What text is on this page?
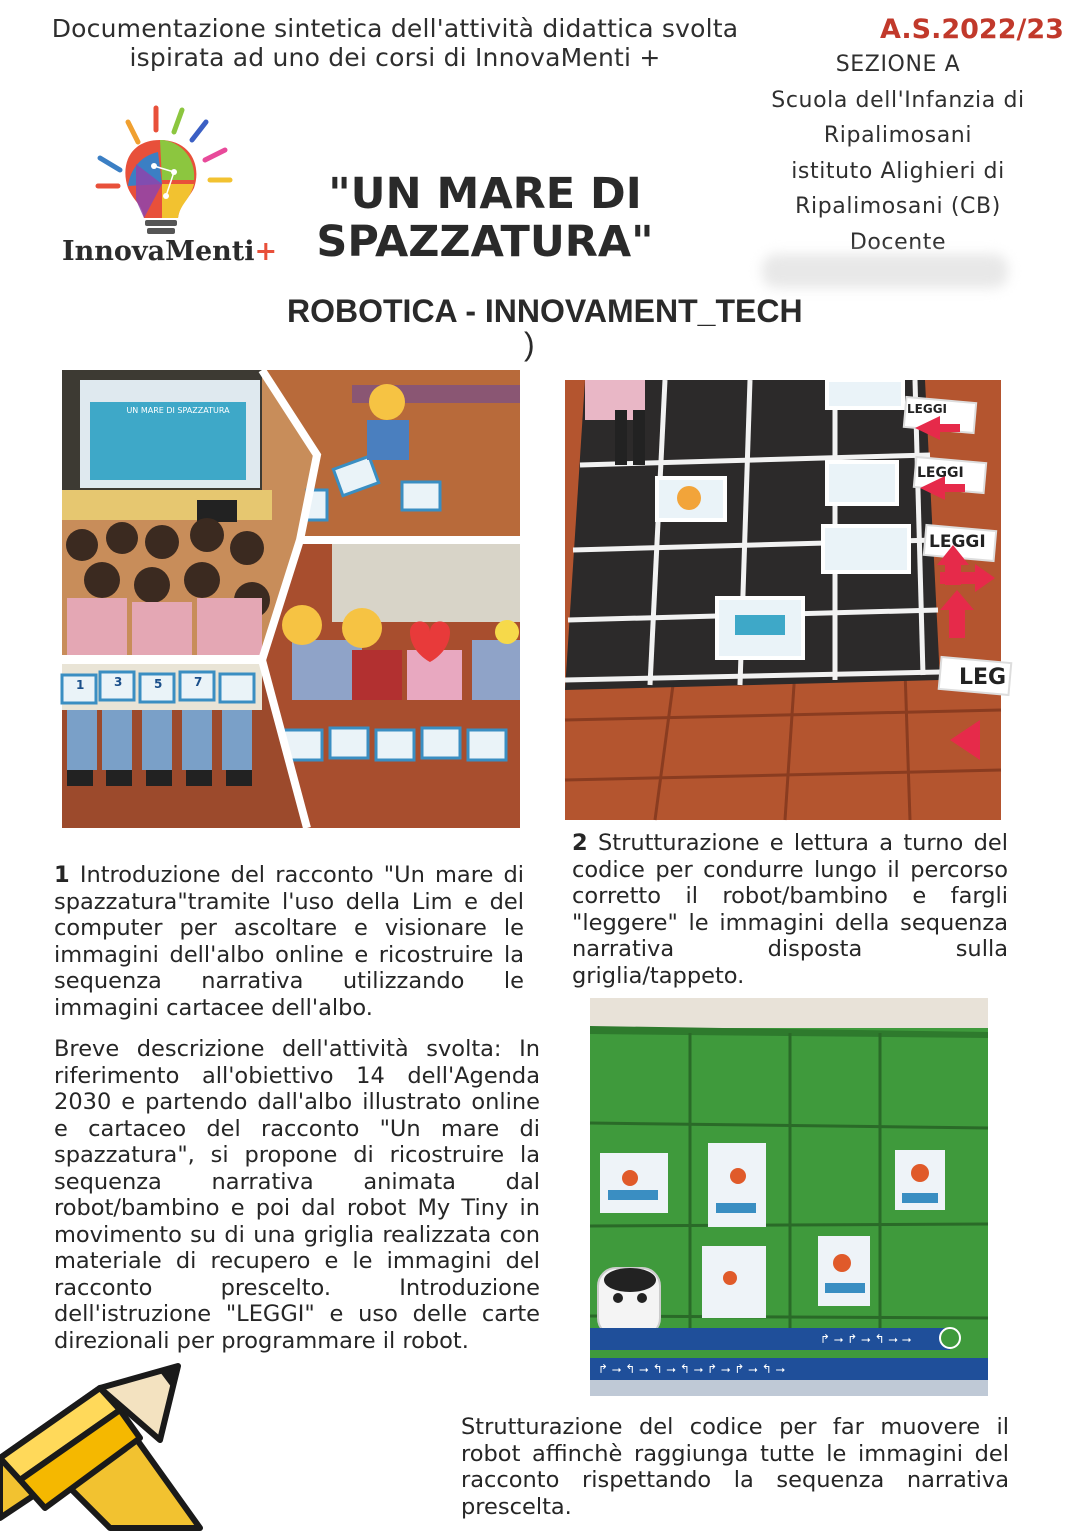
Documentazione sintetica dell'attività didattica svolta
ispirata ad uno dei corsi di InnovaMenti +
A.S.2022/23
SEZIONE A
Scuola dell'Infanzia di
Ripalimosani
istituto Alighieri di
Ripalimosani (CB)
Docente
InnovaMenti+
"UN MARE DI
SPAZZATURA"
ROBOTICA - INNOVAMENT_TECH
)
UN MARE DI SPAZZATURA
1 3	5	7
LEGGI
LEGGI
LEGGI
LEG
1 Introduzione del racconto "Un mare di spazzatura"tramite l'uso della Lim e del computer per ascoltare e visionare le immagini dell'albo online e ricostruire la sequenza narrativa utilizzando le immagini cartacee dell'albo.
Breve descrizione dell'attività svolta: In riferimento all'obiettivo 14 dell'Agenda 2030 e partendo dall'albo illustrato online e cartaceo del racconto "Un mare di spazzatura", si propone di ricostruire la sequenza narrativa animata dal robot/bambino e poi dal robot My Tiny in movimento su di una griglia realizzata con materiale di recupero e le immagini del racconto prescelto. Introduzione dell'istruzione "LEGGI" e uso delle carte direzionali per programmare il robot.
2 Strutturazione e lettura a turno del codice per condurre lungo il percorso corretto il robot/bambino e fargli "leggere" le immagini della sequenza narrativa disposta sulla griglia/tappeto.
↱ ⭢ ↰ ⭢ ↰ ⭢ ↰ ⭢ ↱ ⭢ ↱ ⭢ ↰ ⭢
↱ ⭢ ↱ ⭢ ↰ ⭢ ⭢
Strutturazione del codice per far muovere il robot affinchè raggiunga tutte le immagini del racconto rispettando la sequenza narrativa prescelta.
